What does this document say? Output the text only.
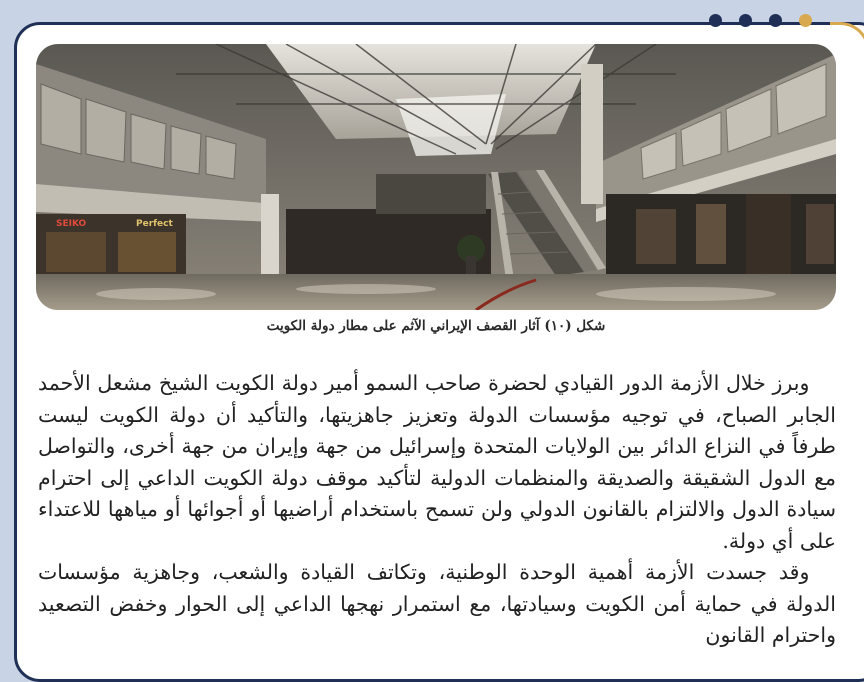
SEIKO	Perfect
شكل (١٠) آثار القصف الإيراني الآثم على مطار دولة الكويت

وبرز خلال الأزمة الدور القيادي لحضرة صاحب السمو أمير دولة الكويت الشيخ مشعل الأحمد الجابر الصباح، في توجيه مؤسسات الدولة وتعزيز جاهزيتها، والتأكيد أن دولة الكويت ليست طرفاً في النزاع الدائر بين الولايات المتحدة وإسرائيل من جهة وإيران من جهة أخرى، والتواصل مع الدول الشقيقة والصديقة والمنظمات الدولية لتأكيد موقف دولة الكويت الداعي إلى احترام سيادة الدول والالتزام بالقانون الدولي ولن تسمح باستخدام أراضيها أو أجوائها أو مياهها للاعتداء على أي دولة.

وقد جسدت الأزمة أهمية الوحدة الوطنية، وتكاتف القيادة والشعب، وجاهزية مؤسسات الدولة في حماية أمن الكويت وسيادتها، مع استمرار نهجها الداعي إلى الحوار وخفض التصعيد واحترام القانون
